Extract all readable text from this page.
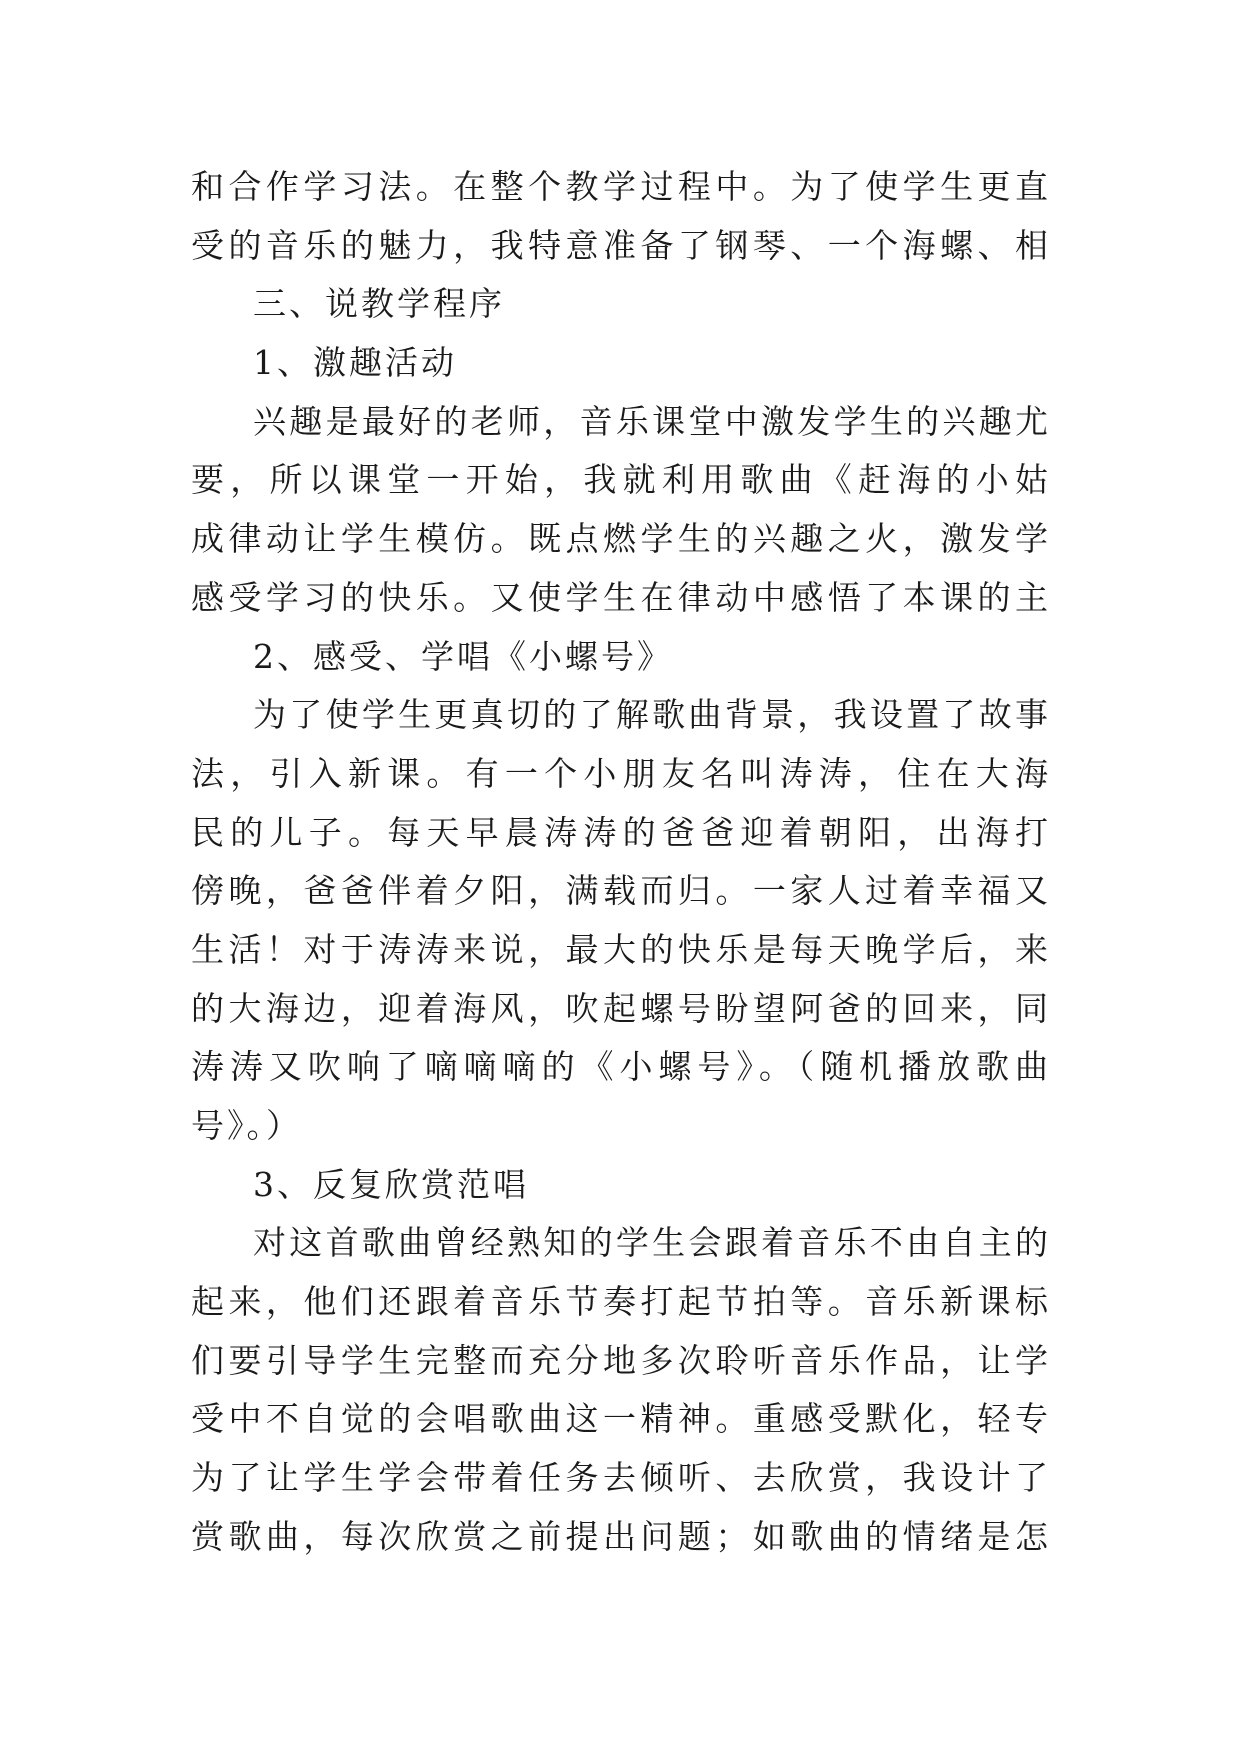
和合作学习法。在整个教学过程中。为了使学生更直
受的音乐的魅力，我特意准备了钢琴、一个海螺、相
三、说教学程序
1、激趣活动
兴趣是最好的老师，音乐课堂中激发学生的兴趣尤
要，所以课堂一开始，我就利用歌曲《赶海的小姑
成律动让学生模仿。既点燃学生的兴趣之火，激发学
感受学习的快乐。又使学生在律动中感悟了本课的主
2、感受、学唱《小螺号》
为了使学生更真切的了解歌曲背景，我设置了故事
法，引入新课。有一个小朋友名叫涛涛，住在大海
民的儿子。每天早晨涛涛的爸爸迎着朝阳，出海打
傍晚，爸爸伴着夕阳，满载而归。一家人过着幸福又
生活！对于涛涛来说，最大的快乐是每天晚学后，来
的大海边，迎着海风，吹起螺号盼望阿爸的回来，同
涛涛又吹响了嘀嘀嘀的《小螺号》。（随机播放歌曲
号》。）
3、反复欣赏范唱
对这首歌曲曾经熟知的学生会跟着音乐不由自主的
起来，他们还跟着音乐节奏打起节拍等。音乐新课标
们要引导学生完整而充分地多次聆听音乐作品，让学
受中不自觉的会唱歌曲这一精神。重感受默化，轻专
为了让学生学会带着任务去倾听、去欣赏，我设计了
赏歌曲，每次欣赏之前提出问题；如歌曲的情绪是怎
